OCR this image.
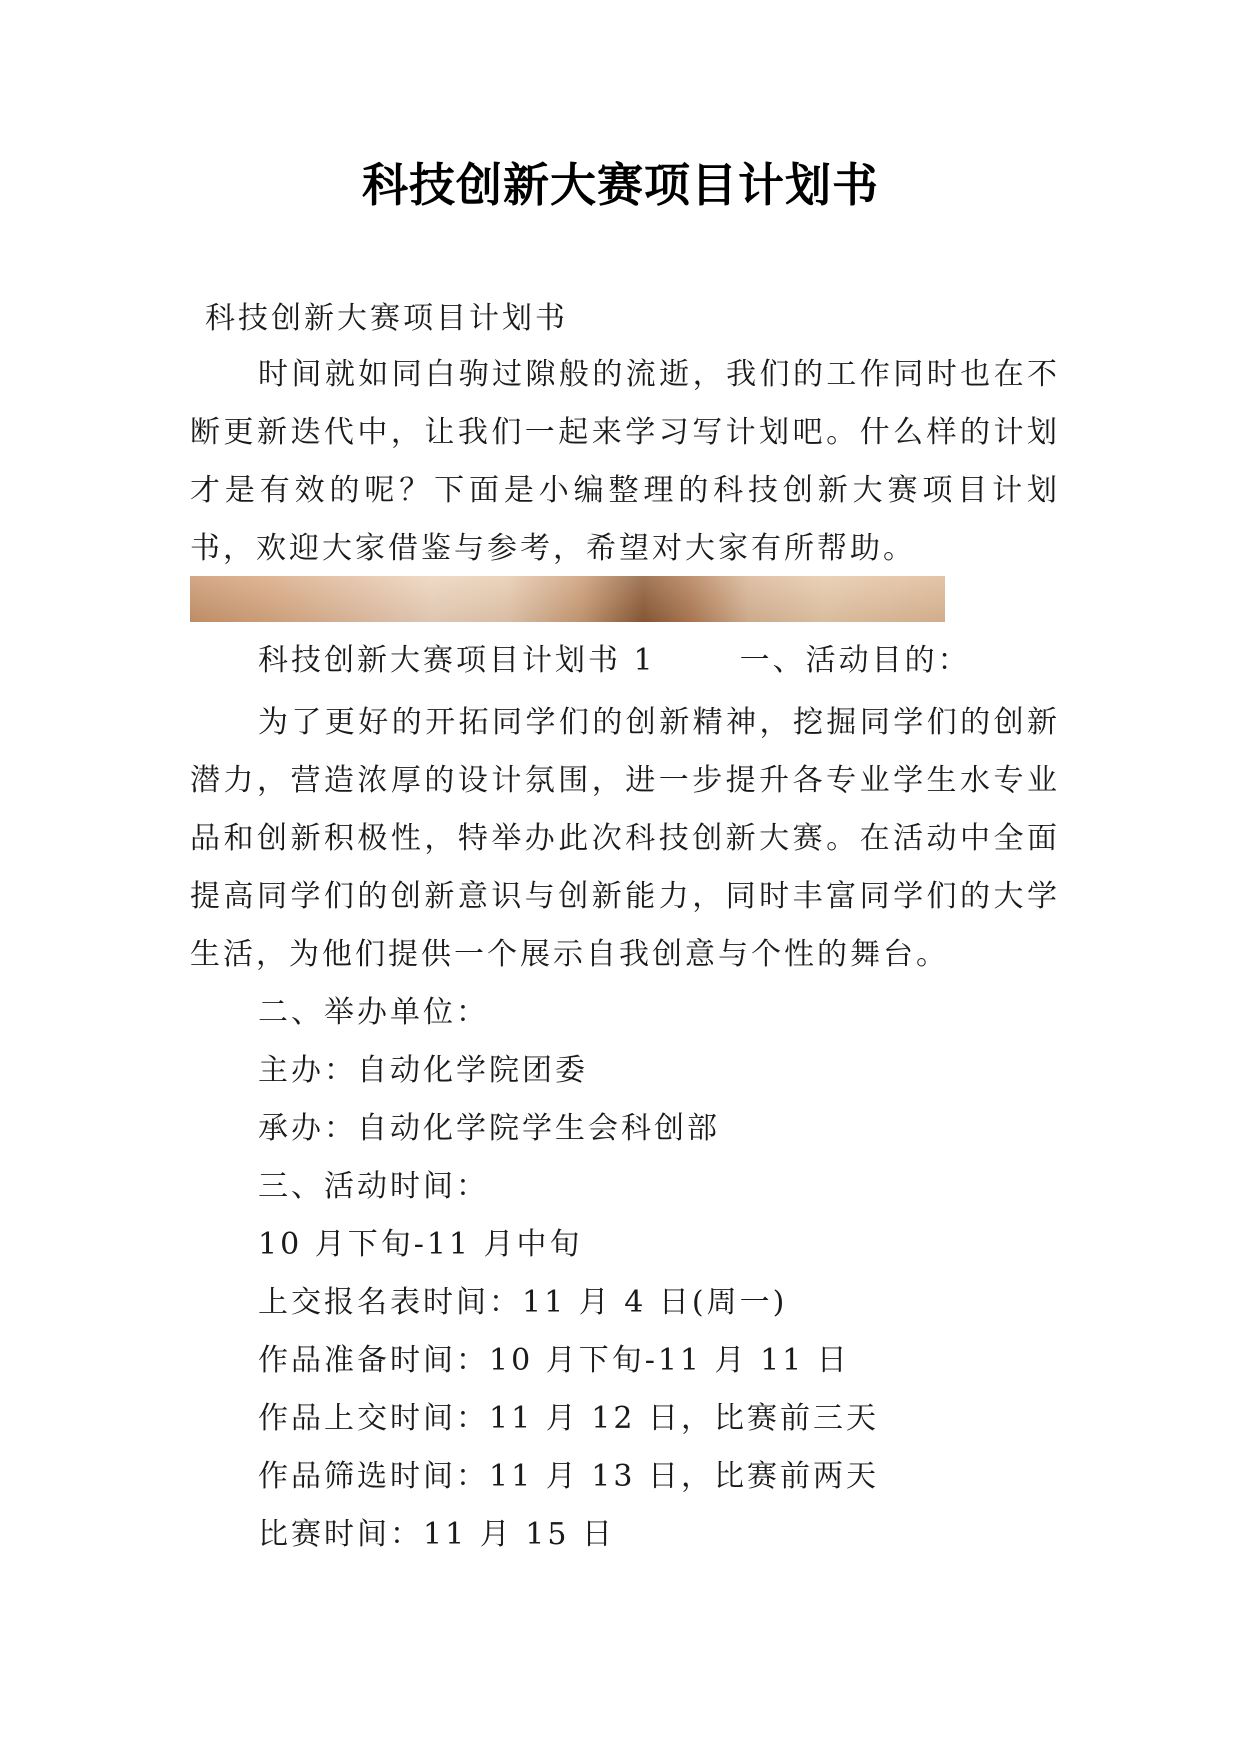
科技创新大赛项目计划书
科技创新大赛项目计划书
时间就如同白驹过隙般的流逝，我们的工作同时也在不断更新迭代中，让我们一起来学习写计划吧。什么样的计划才是有效的呢？下面是小编整理的科技创新大赛项目计划书，欢迎大家借鉴与参考，希望对大家有所帮助。
科技创新大赛项目计划书 1	一、活动目的：
为了更好的开拓同学们的创新精神，挖掘同学们的创新潜力，营造浓厚的设计氛围，进一步提升各专业学生水专业品和创新积极性，特举办此次科技创新大赛。在活动中全面提高同学们的创新意识与创新能力，同时丰富同学们的大学生活，为他们提供一个展示自我创意与个性的舞台。
二、举办单位：
主办：自动化学院团委
承办：自动化学院学生会科创部
三、活动时间：
10 月下旬-11 月中旬
上交报名表时间：11 月 4 日(周一)
作品准备时间：10 月下旬-11 月 11 日
作品上交时间：11 月 12 日，比赛前三天
作品筛选时间：11 月 13 日，比赛前两天
比赛时间：11 月 15 日
